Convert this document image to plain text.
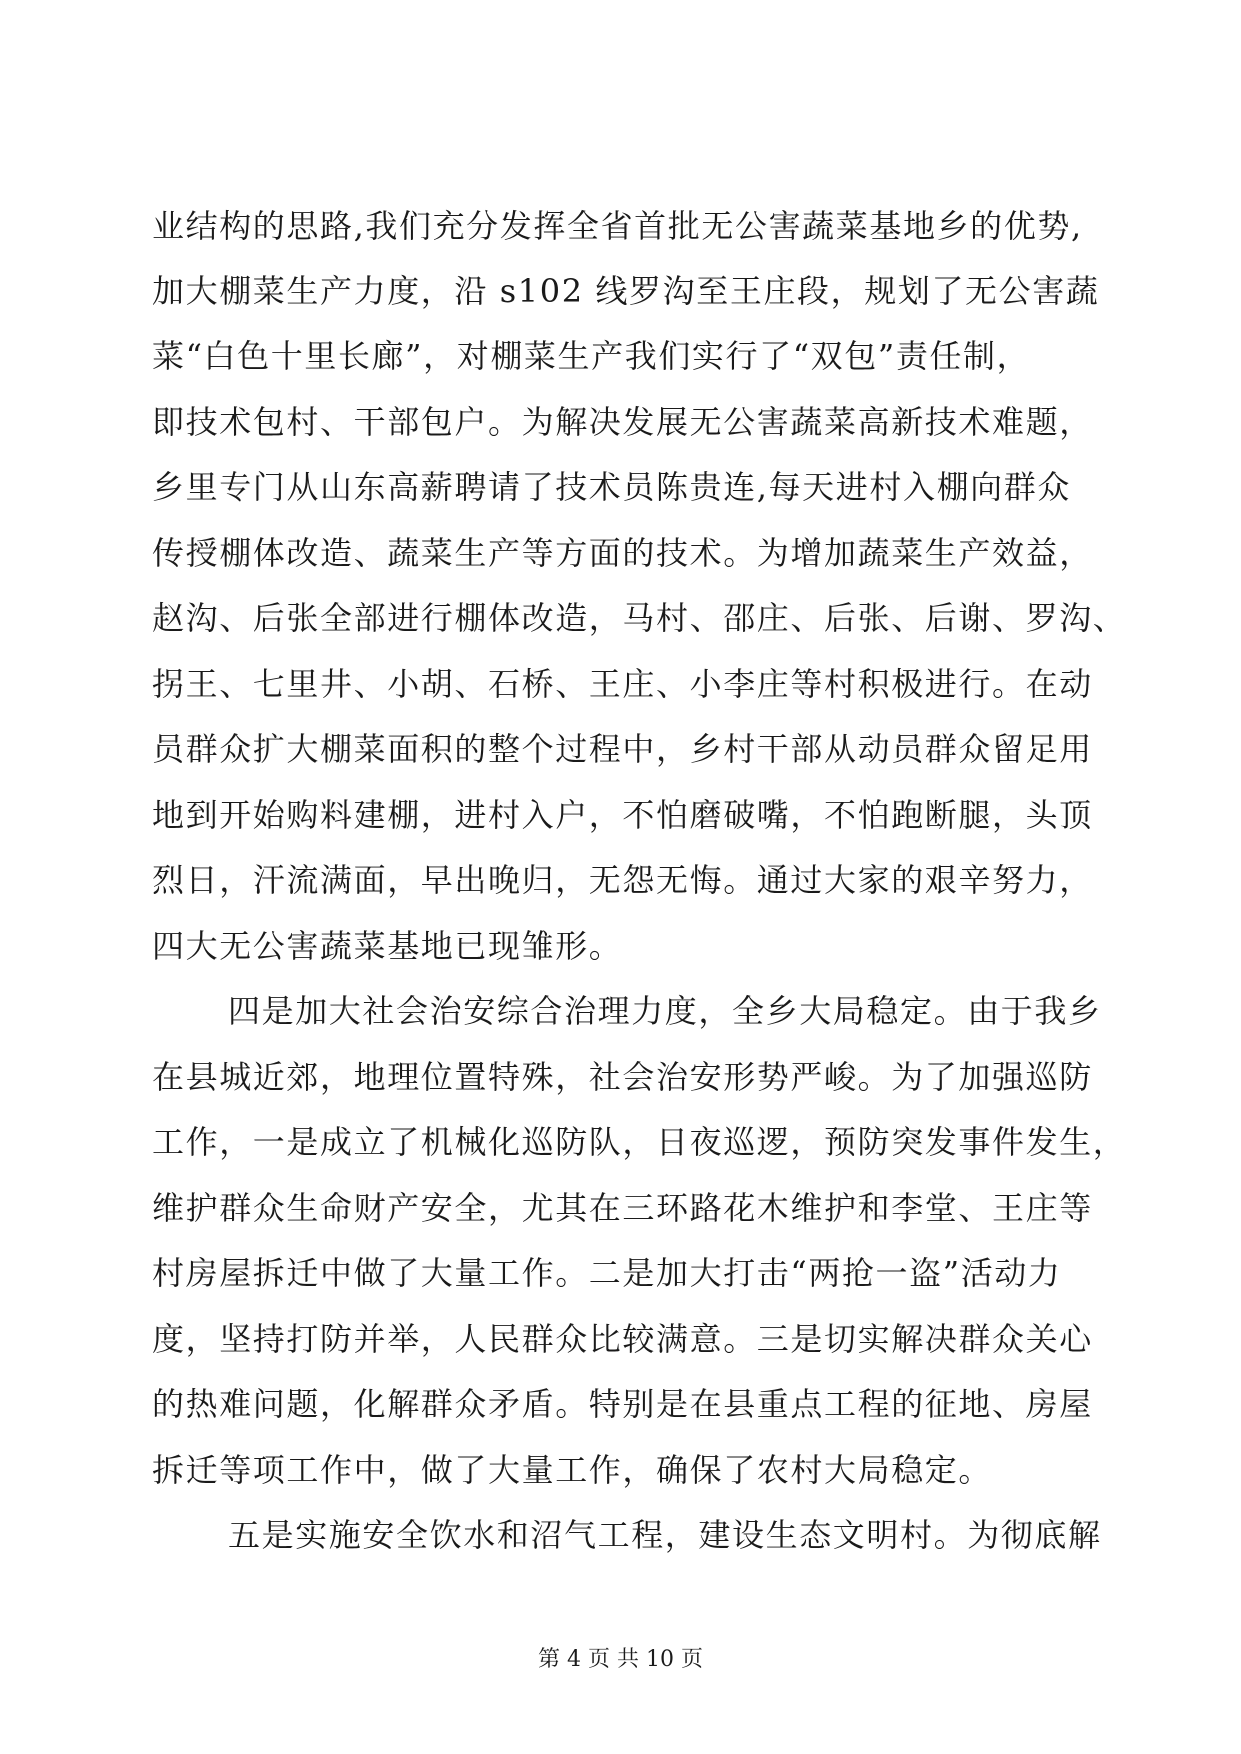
业结构的思路,我们充分发挥全省首批无公害蔬菜基地乡的优势,
加大棚菜生产力度，沿 s102 线罗沟至王庄段，规划了无公害蔬
菜“白色十里长廊”，对棚菜生产我们实行了“双包”责任制，
即技术包村、干部包户。为解决发展无公害蔬菜高新技术难题，
乡里专门从山东高薪聘请了技术员陈贵连,每天进村入棚向群众
传授棚体改造、蔬菜生产等方面的技术。为增加蔬菜生产效益，
赵沟、后张全部进行棚体改造，马村、邵庄、后张、后谢、罗沟、
拐王、七里井、小胡、石桥、王庄、小李庄等村积极进行。在动
员群众扩大棚菜面积的整个过程中，乡村干部从动员群众留足用
地到开始购料建棚，进村入户，不怕磨破嘴，不怕跑断腿，头顶
烈日，汗流满面，早出晚归，无怨无悔。通过大家的艰辛努力，
四大无公害蔬菜基地已现雏形。
四是加大社会治安综合治理力度，全乡大局稳定。由于我乡
在县城近郊，地理位置特殊，社会治安形势严峻。为了加强巡防
工作，一是成立了机械化巡防队，日夜巡逻，预防突发事件发生，
维护群众生命财产安全，尤其在三环路花木维护和李堂、王庄等
村房屋拆迁中做了大量工作。二是加大打击“两抢一盗”活动力
度，坚持打防并举，人民群众比较满意。三是切实解决群众关心
的热难问题，化解群众矛盾。特别是在县重点工程的征地、房屋
拆迁等项工作中，做了大量工作，确保了农村大局稳定。
五是实施安全饮水和沼气工程，建设生态文明村。为彻底解
第 4 页 共 10 页
